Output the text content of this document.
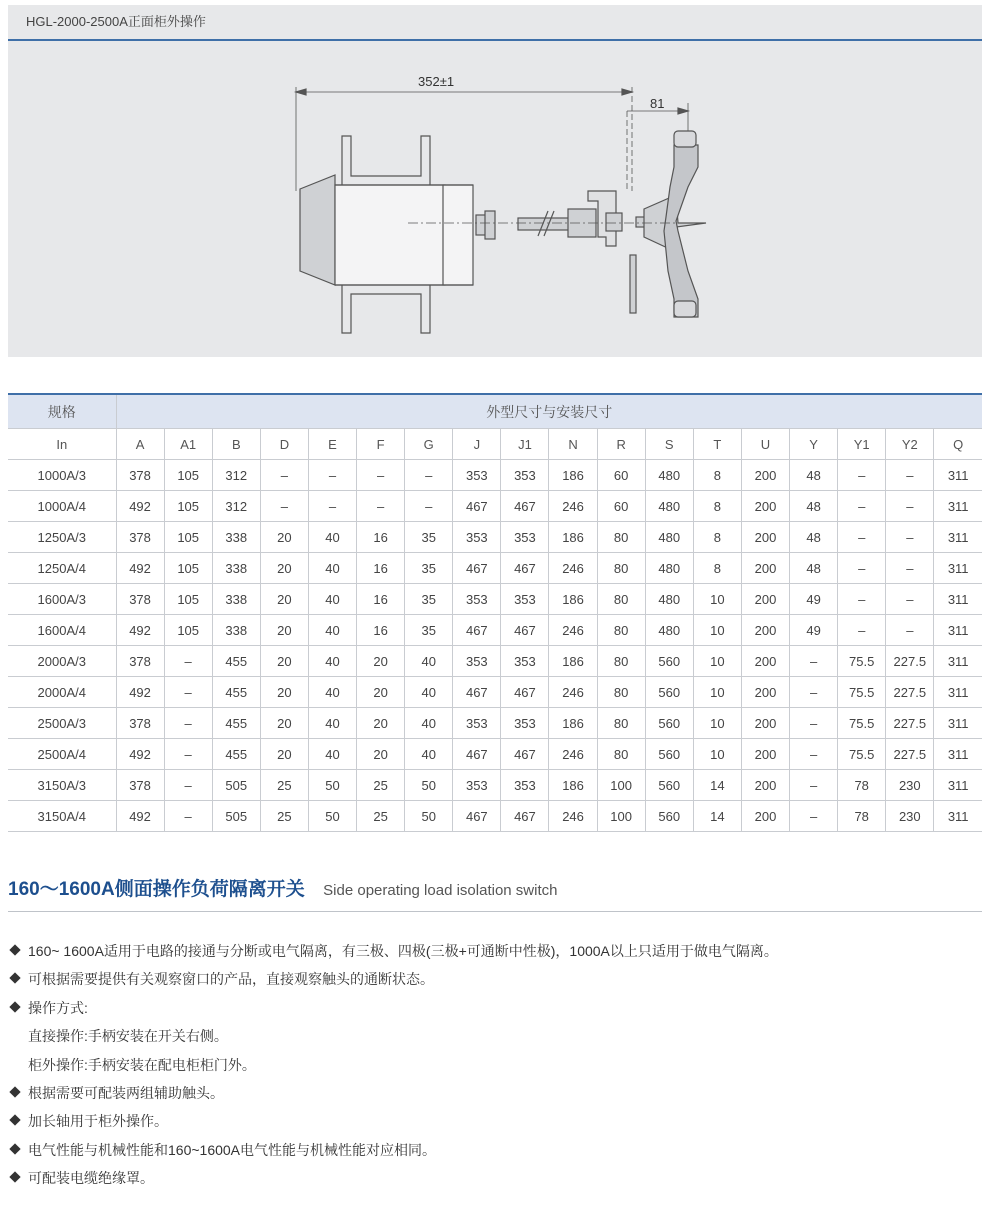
HGL-2000-2500A正面柜外操作
352±1
81
规格	外型尺寸与安装尺寸																	
In	A	A1	B	D	E	F	G	J	J1	N	R	S	T	U	Y	Y1	Y2	Q
1000A/3	378	105	312	–	–	–	–	353	353	186	60	480	8	200	48	–	–	311
1000A/4	492	105	312	–	–	–	–	467	467	246	60	480	8	200	48	–	–	311
1250A/3	378	105	338	20	40	16	35	353	353	186	80	480	8	200	48	–	–	311
1250A/4	492	105	338	20	40	16	35	467	467	246	80	480	8	200	48	–	–	311
1600A/3	378	105	338	20	40	16	35	353	353	186	80	480	10	200	49	–	–	311
1600A/4	492	105	338	20	40	16	35	467	467	246	80	480	10	200	49	–	–	311
2000A/3	378	–	455	20	40	20	40	353	353	186	80	560	10	200	–	75.5	227.5	311
2000A/4	492	–	455	20	40	20	40	467	467	246	80	560	10	200	–	75.5	227.5	311
2500A/3	378	–	455	20	40	20	40	353	353	186	80	560	10	200	–	75.5	227.5	311
2500A/4	492	–	455	20	40	20	40	467	467	246	80	560	10	200	–	75.5	227.5	311
3150A/3	378	–	505	25	50	25	50	353	353	186	100	560	14	200	–	78	230	311
3150A/4	492	–	505	25	50	25	50	467	467	246	100	560	14	200	–	78	230	311
160～1600A侧面操作负荷隔离开关 Side operating load isolation switch
160~ 1600A适用于电路的接通与分断或电气隔离，有三极、四极(三极+可通断中性极)，1000A以上只适用于做电气隔离。
可根据需要提供有关观察窗口的产品，直接观察触头的通断状态。
操作方式:
直接操作:手柄安装在开关右侧。
柜外操作:手柄安装在配电柜柜门外。
根据需要可配装两组辅助触头。
加长轴用于柜外操作。
电气性能与机械性能和160~1600A电气性能与机械性能对应相同。
可配装电缆绝缘罩。
